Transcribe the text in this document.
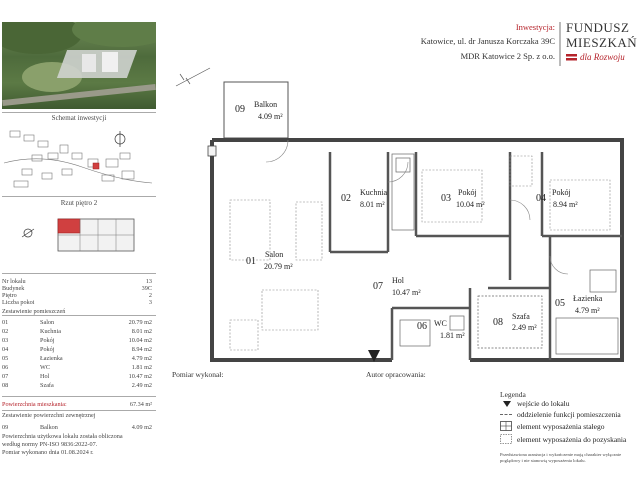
Schemat inwestycji
Rzut piętro 2
Nr lokalu	13
Budynek	39C
Piętro	2
Liczba pokoi	3
Zestawienie pomieszczeń
01	Salon	20.79 m2
02	Kuchnia	8.01 m2
03	Pokój	10.04 m2
04	Pokój	8.94 m2
05	Łazienka	4.79 m2
06	WC	1.81 m2
07	Hol	10.47 m2
08	Szafa	2.49 m2
Powierzchnia mieszkania:	67.34 m²
Zestawienie powierzchni zewnętrznej
09	Balkon	4.09 m2
Powierzchnia użytkowa lokalu została obliczona
według normy PN-ISO 9836:2022-07.
Pomiar wykonano dnia 01.08.2024 r.
Inwestycja:
Katowice, ul. dr Janusza Korczaka 39C
MDR Katowice 2 Sp. z o.o.
FUNDUSZ
MIESZKAŃ
dla Rozwoju
09 Balkon
4.09 m²
01
Salon
20.79 m²
02
Kuchnia
8.01 m²
03
Pokój
10.04 m²
04
Pokój
8.94 m²
05 Łazienka
4.79 m²
06 WC
1.81 m²
07
Hol
10.47 m²
08
Szafa
2.49 m²
Pomiar wykonał:	Autor opracowania:
Legenda
wejście do lokalu
oddzielenie funkcji pomieszczenia
element wyposażenia stałego
element wyposażenia do pozyskania
Przedstawiona aranżacja i wykończenie mają charakter wyłącznie
poglądowy i nie stanowią wyposażenia lokalu.
